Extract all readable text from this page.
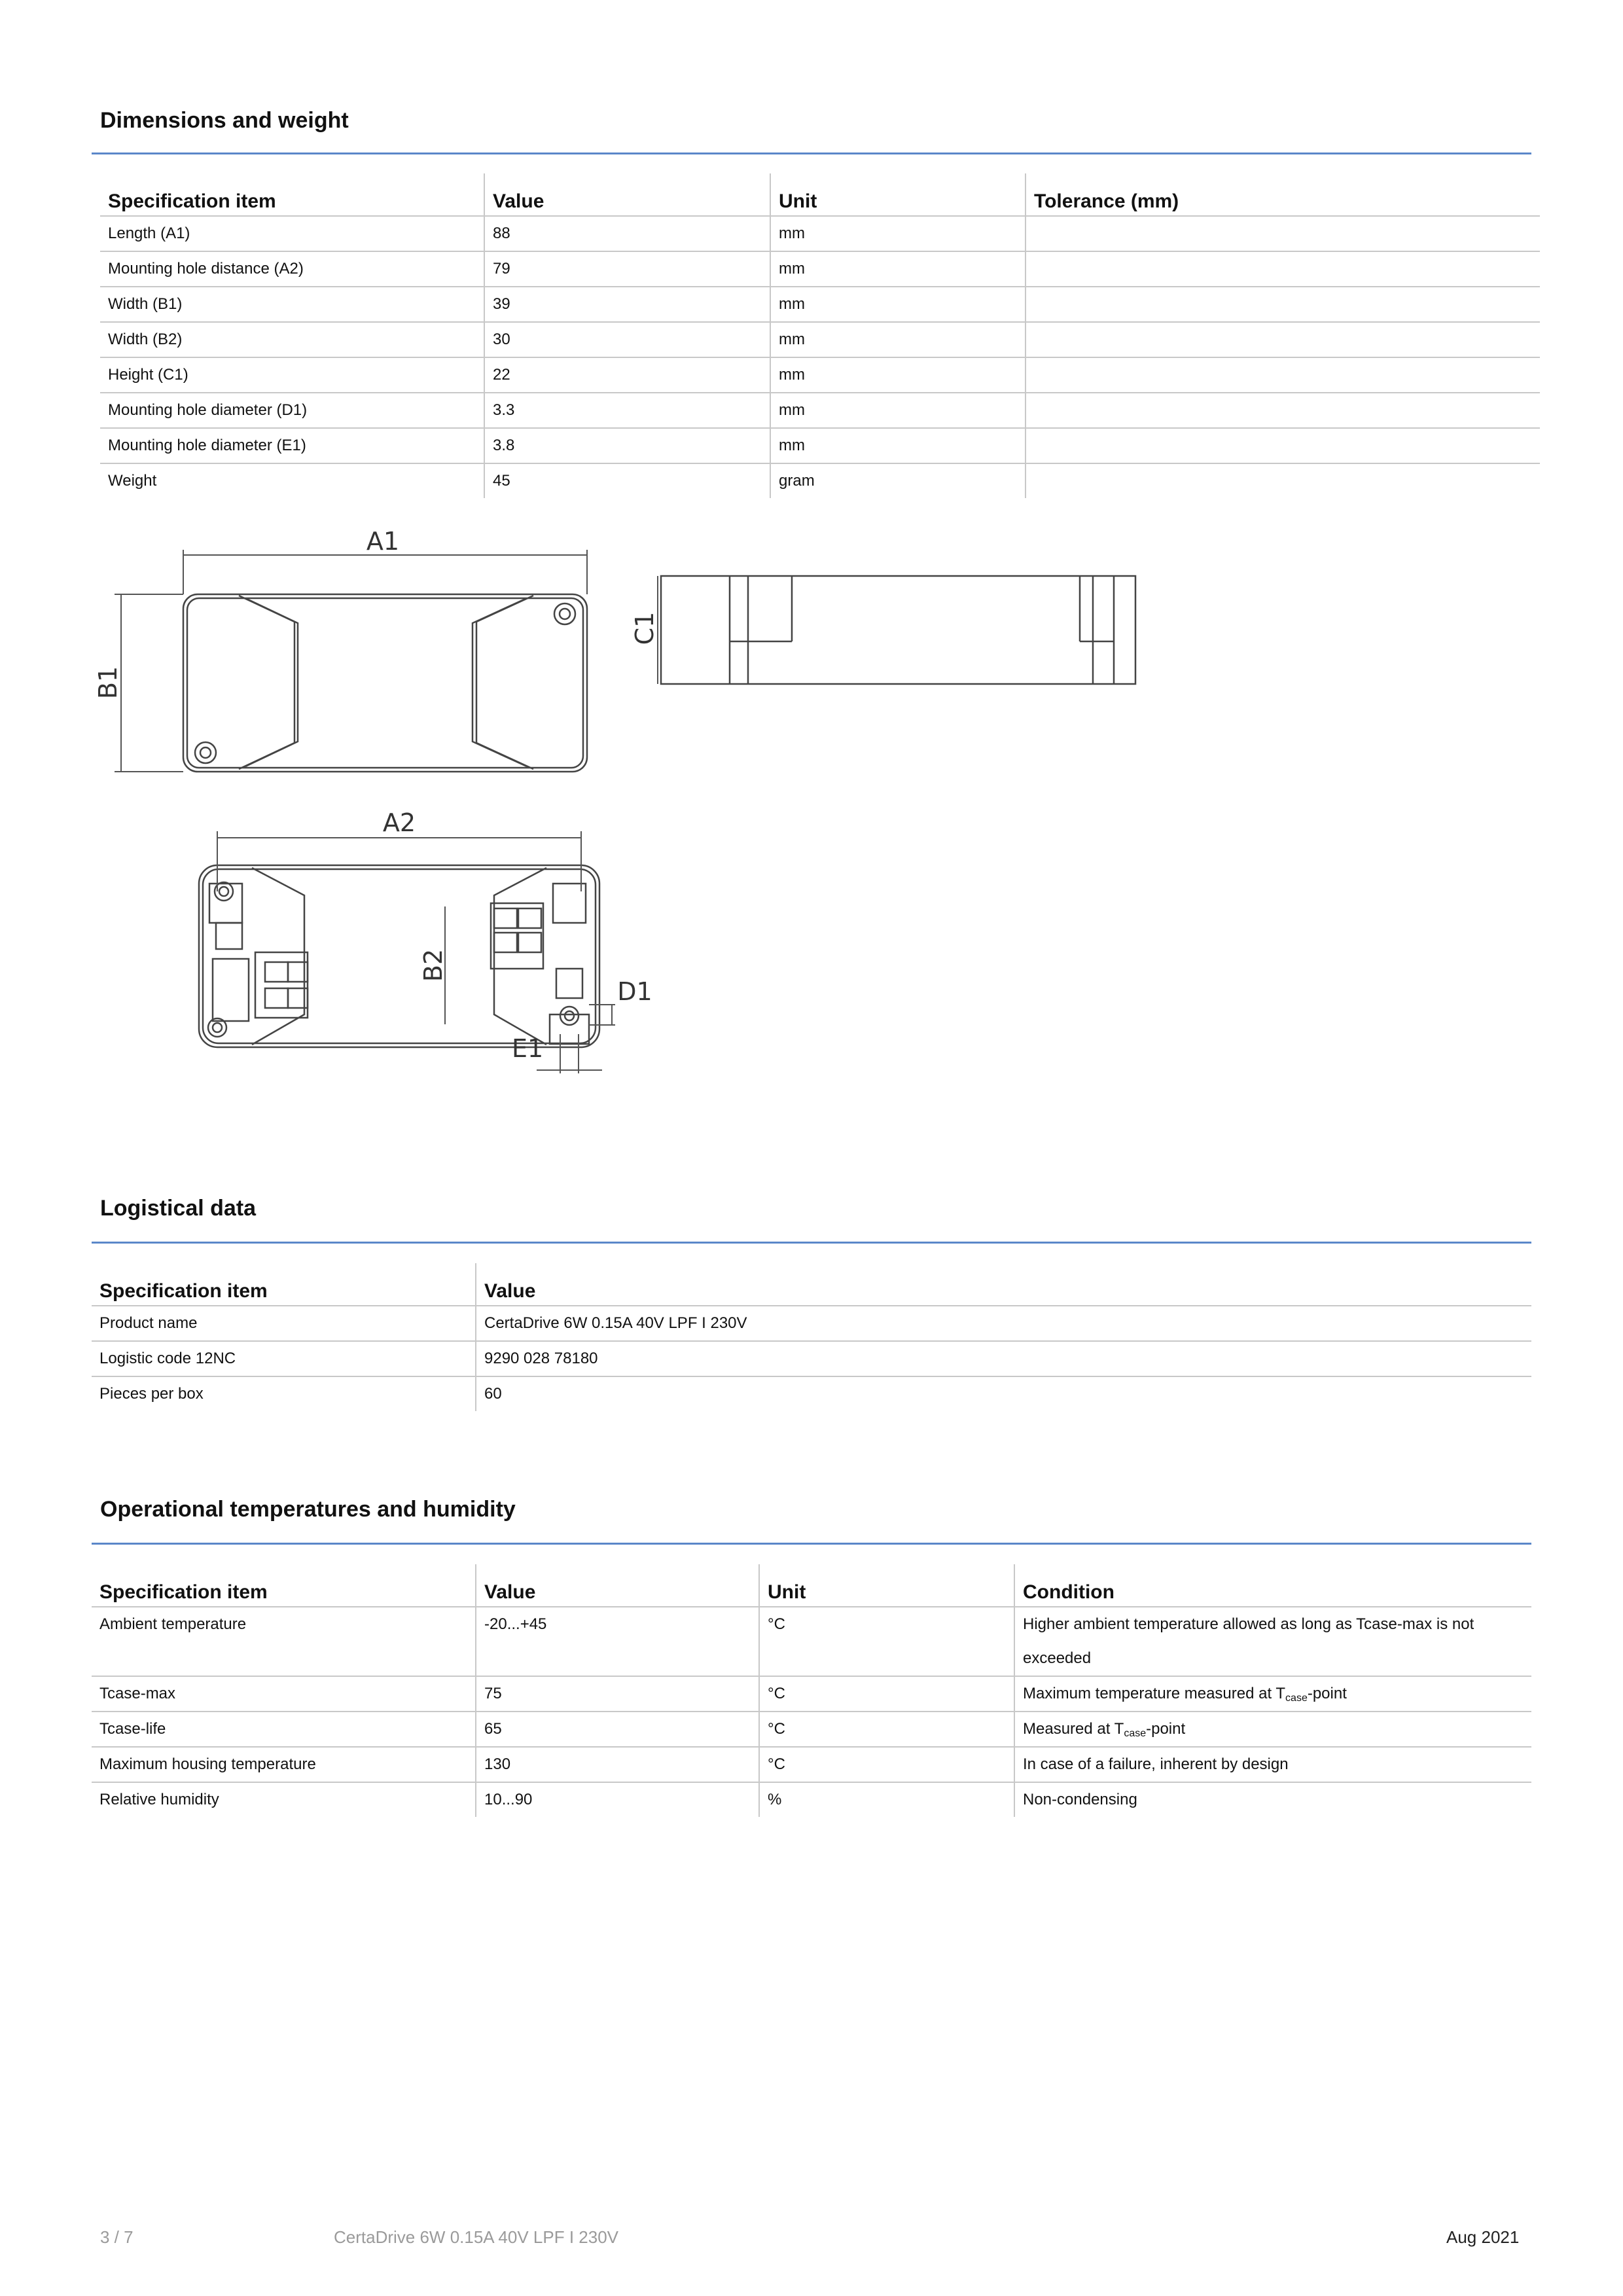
Dimensions and weight
Specification item	Value	Unit	Tolerance (mm)
Length (A1)	88	mm	
Mounting hole distance (A2)	79	mm	
Width (B1)	39	mm	
Width (B2)	30	mm	
Height (C1)	22	mm	
Mounting hole diameter (D1)	3.3	mm	
Mounting hole diameter (E1)	3.8	mm	
Weight	45	gram	
A1
B1
C1
A2
B2
D1
E1
Logistical data
Specification item	Value
Product name	CertaDrive 6W 0.15A 40V LPF I 230V
Logistic code 12NC	9290 028 78180
Pieces per box	60
Operational temperatures and humidity
Specification item	Value	Unit	Condition
Ambient temperature	-20...+45	°C	Higher ambient temperature allowed as long as Tcase-max is not exceeded
Tcase-max	75	°C	Maximum temperature measured at $T_{case}$-point
Tcase-life	65	°C	Measured at $T_{case}$-point
Maximum housing temperature	130	°C	In case of a failure, inherent by design
Relative humidity	10...90	%	Non-condensing
3 / 7	CertaDrive 6W 0.15A 40V LPF I 230V	Aug 2021
